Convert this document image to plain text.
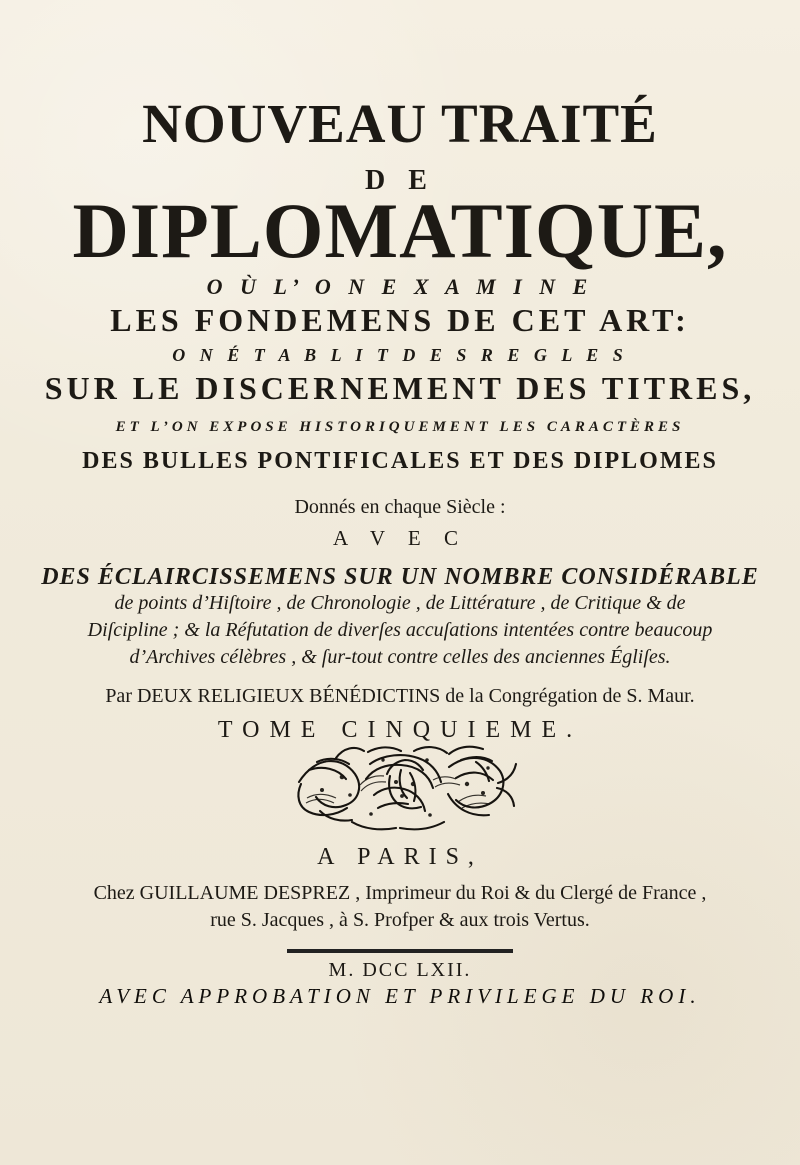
NOUVEAU TRAITÉ
D E
DIPLOMATIQUE,
O Ù L’ O N E X A M I N E
LES FONDEMENS DE CET ART:
O N É T A B L I T D E S R E G L E S
SUR LE DISCERNEMENT DES TITRES,
ET L’ON EXPOSE HISTORIQUEMENT LES CARACTÈRES
DES BULLES PONTIFICALES ET DES DIPLOMES
Donnés en chaque Siècle :
A V E C
DES ÉCLAIRCISSEMENS SUR UN NOMBRE CONSIDÉRABLE
de points d’Hiſtoire , de Chronologie , de Littérature , de Critique & de
Diſcipline ; & la Réfutation de diverſes accuſations intentées contre beaucoup
d’Archives célèbres , & ſur-tout contre celles des anciennes Égliſes.
Par DEUX RELIGIEUX BÉNÉDICTINS de la Congrégation de S. Maur.
TOME CINQUIEME.
A PARIS,
Chez GUILLAUME DESPREZ , Imprimeur du Roi & du Clergé de France ,
rue S. Jacques , à S. Profper & aux trois Vertus.
M. DCC LXII.
AVEC APPROBATION ET PRIVILEGE DU ROI.
